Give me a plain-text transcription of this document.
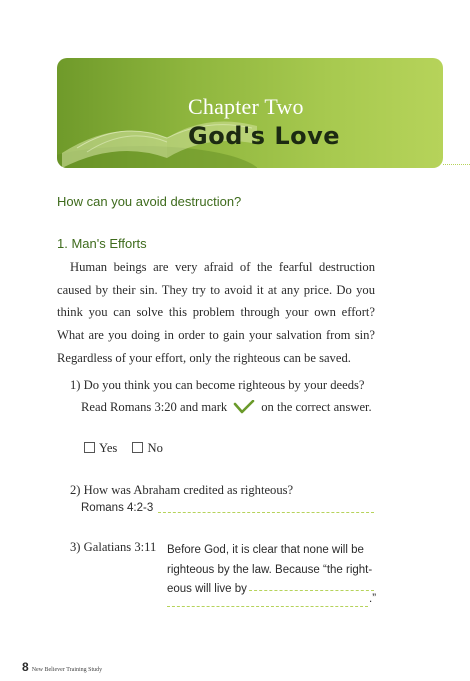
Chapter Two
God's Love
How can you avoid destruction?
1. Man's Efforts
Human beings are very afraid of the fearful destruction caused by their sin. They try to avoid it at any price. Do you think you can solve this problem through your own effort? What are you doing in order to gain your salvation from sin? Regardless of your effort, only the righteous can be saved.
1) Do you think you can become righteous by your deeds?
Read Romans 3:20 and mark	on the correct answer.
Yes No
2) How was Abraham credited as righteous?
Romans 4:2-3
3) Galatians 3:11 Before God, it is clear that none will be
righteous by the law. Because “the right-
eous will live by
.”
8 New Believer Training Study
